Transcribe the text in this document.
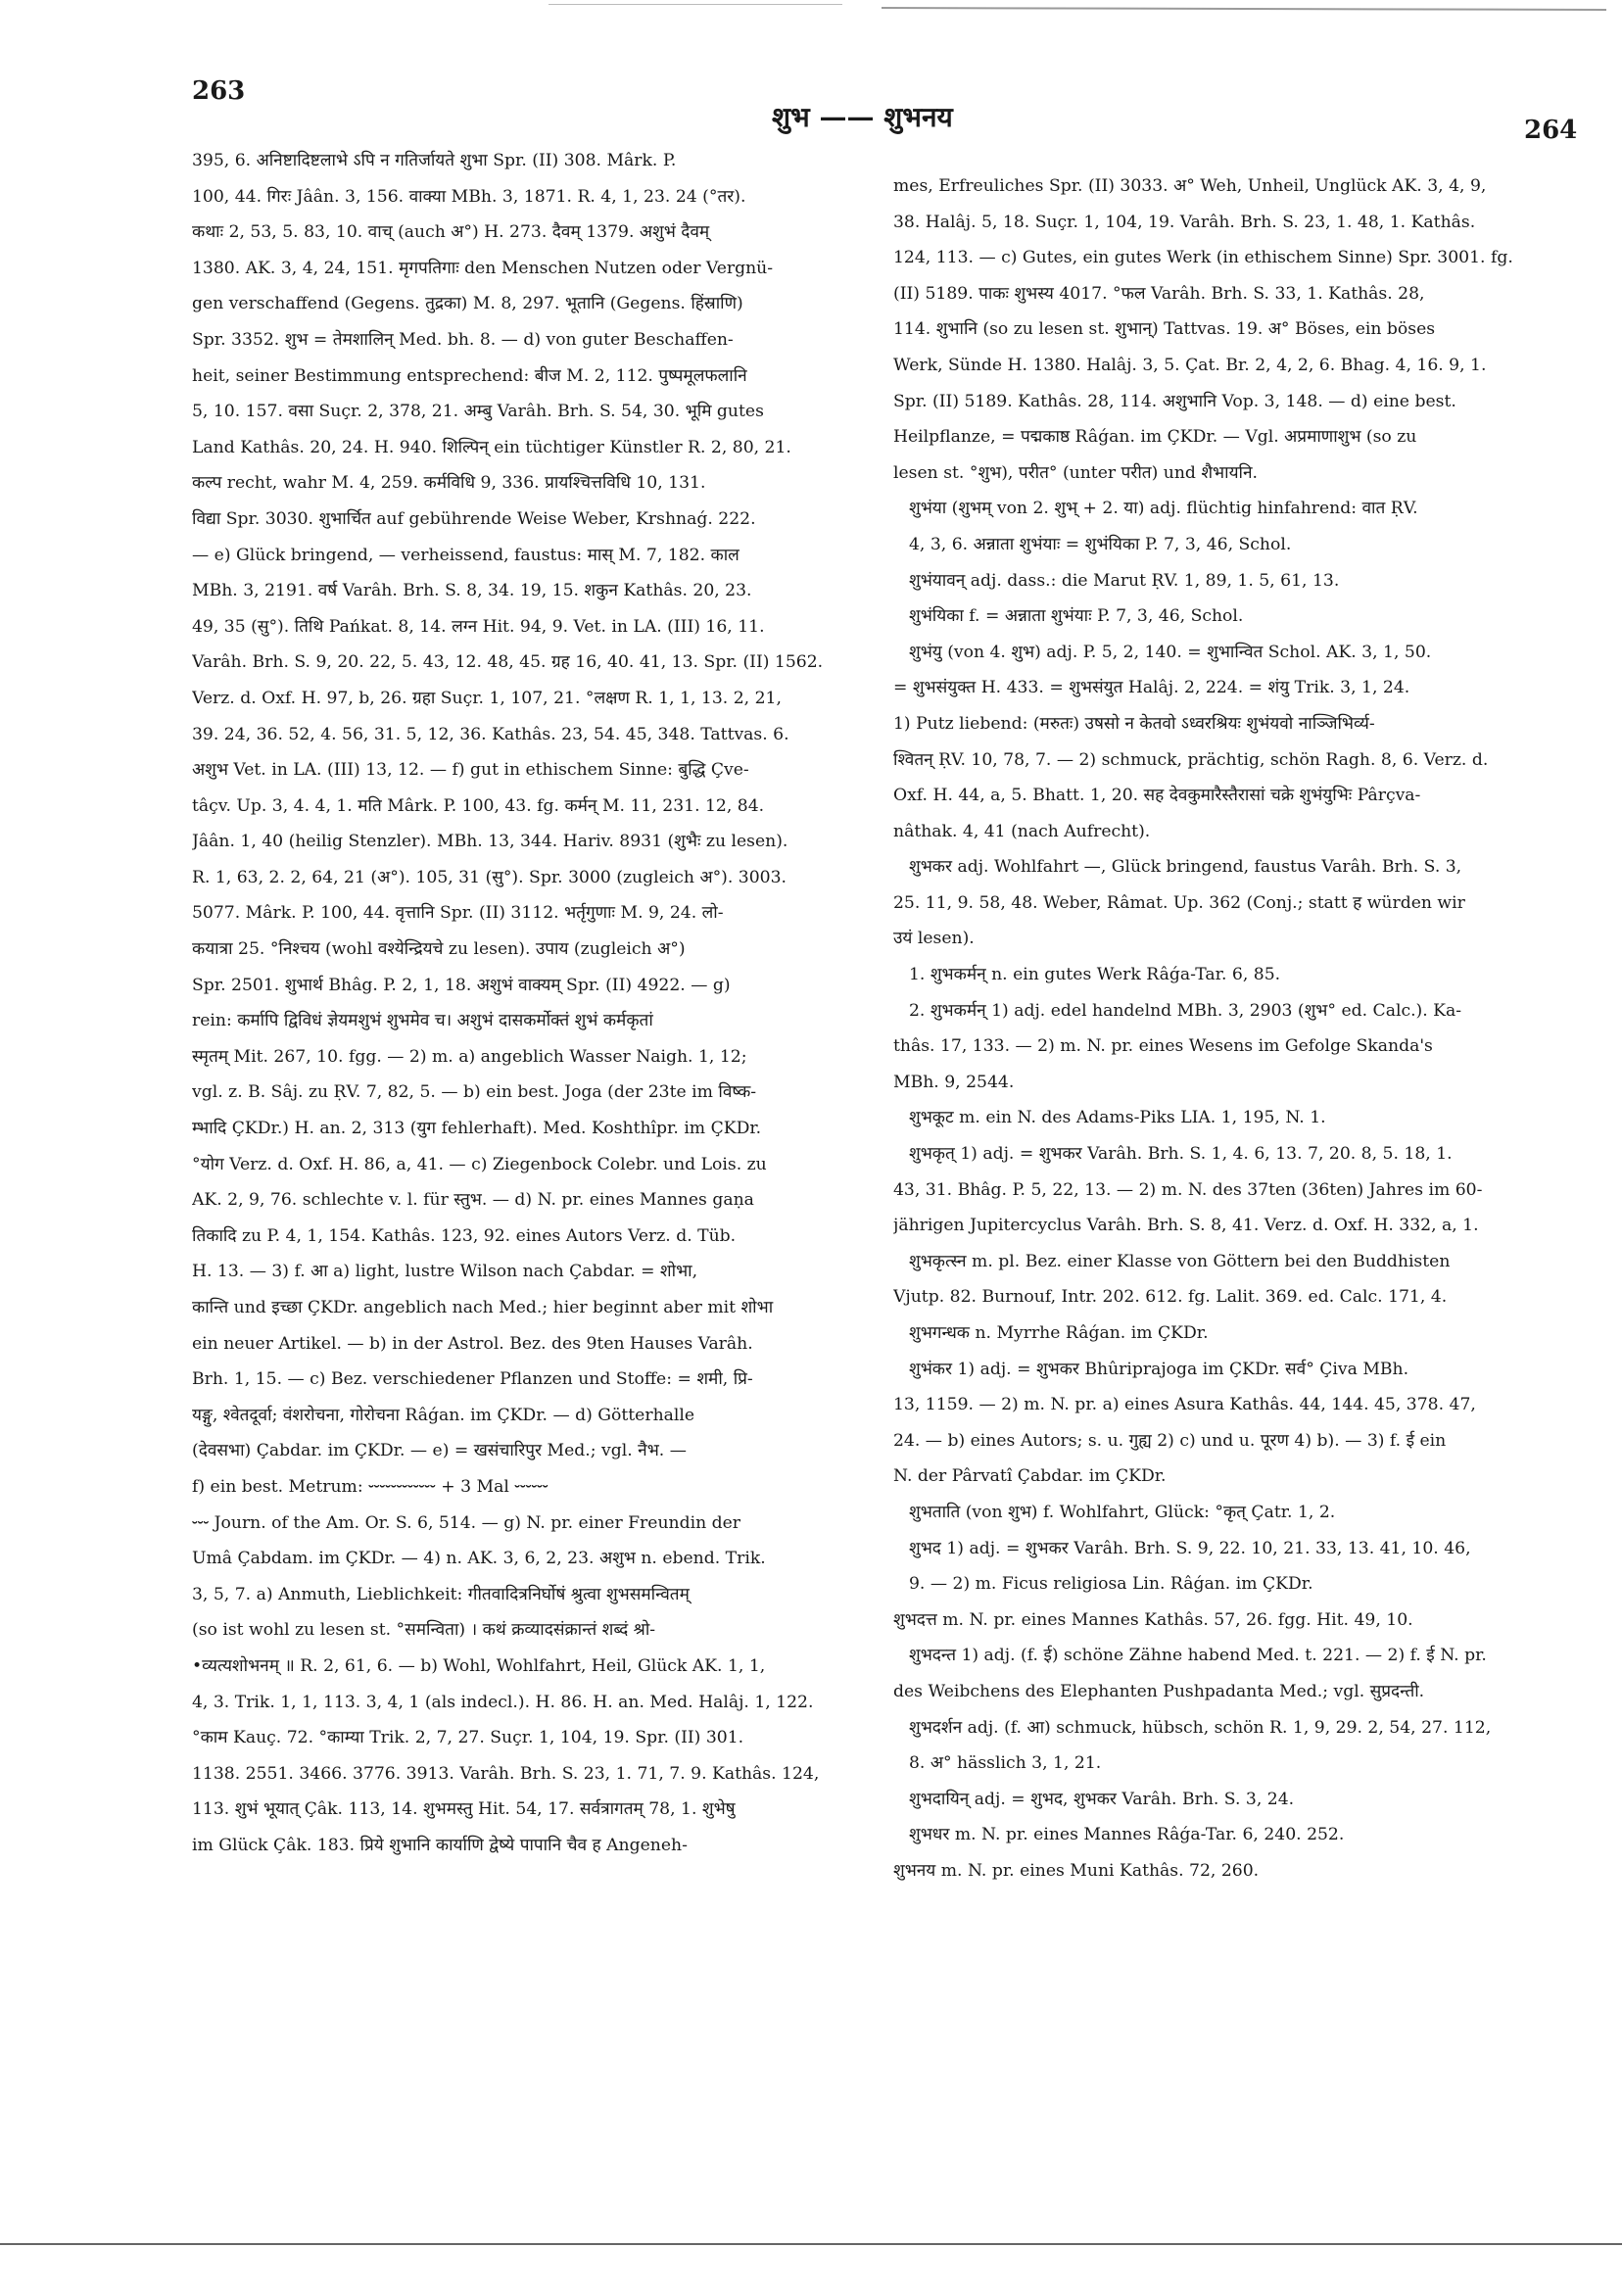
263
शुभ —— शुभनय	264
395, 6. अनिष्टादिष्टलाभे ऽपि न गतिर्जायते शुभा Spr. (II) 308. Mârk. P.
100, 44. गिरः Jâân. 3, 156. वाक्या MBh. 3, 1871. R. 4, 1, 23. 24 (°तर).
कथाः 2, 53, 5. 83, 10. वाच् (auch अ°) H. 273. दैवम् 1379. अशुभं दैवम्
1380. AK. 3, 4, 24, 151. मृगपतिगाः den Menschen Nutzen oder Vergnü-
gen verschaffend (Gegens. तुद्रका) M. 8, 297. भूतानि (Gegens. हिंस्राणि)
Spr. 3352. शुभ = तेमशालिन् Med. bh. 8. — d) von guter Beschaffen-
heit, seiner Bestimmung entsprechend: बीज M. 2, 112. पुष्पमूलफलानि
5, 10. 157. वसा Suçr. 2, 378, 21. अम्बु Varâh. Brh. S. 54, 30. भूमि gutes
Land Kathâs. 20, 24. H. 940. शिल्पिन् ein tüchtiger Künstler R. 2, 80, 21.
कल्प recht, wahr M. 4, 259. कर्मविधि 9, 336. प्रायश्चित्तविधि 10, 131.
विद्या Spr. 3030. शुभार्चित auf gebührende Weise Weber, Krshnaǵ. 222.
— e) Glück bringend, — verheissend, faustus: मास् M. 7, 182. काल
MBh. 3, 2191. वर्ष Varâh. Brh. S. 8, 34. 19, 15. शकुन Kathâs. 20, 23.
49, 35 (सु°). तिथि Pańkat. 8, 14. लग्न Hit. 94, 9. Vet. in LA. (III) 16, 11.
Varâh. Brh. S. 9, 20. 22, 5. 43, 12. 48, 45. ग्रह 16, 40. 41, 13. Spr. (II) 1562.
Verz. d. Oxf. H. 97, b, 26. ग्रहा Suçr. 1, 107, 21. °लक्षण R. 1, 1, 13. 2, 21,
39. 24, 36. 52, 4. 56, 31. 5, 12, 36. Kathâs. 23, 54. 45, 348. Tattvas. 6.
अशुभ Vet. in LA. (III) 13, 12. — f) gut in ethischem Sinne: बुद्धि Çve-
tâçv. Up. 3, 4. 4, 1. मति Mârk. P. 100, 43. fg. कर्मन् M. 11, 231. 12, 84.
Jâân. 1, 40 (heilig Stenzler). MBh. 13, 344. Hariv. 8931 (शुभैः zu lesen).
R. 1, 63, 2. 2, 64, 21 (अ°). 105, 31 (सु°). Spr. 3000 (zugleich अ°). 3003.
5077. Mârk. P. 100, 44. वृत्तानि Spr. (II) 3112. भर्तृगुणाः M. 9, 24. लो-
कयात्रा 25. °निश्चय (wohl वश्येन्द्रियचे zu lesen). उपाय (zugleich अ°)
Spr. 2501. शुभार्थ Bhâg. P. 2, 1, 18. अशुभं वाक्यम् Spr. (II) 4922. — g)
rein: कर्मापि द्विविधं ज्ञेयमशुभं शुभमेव च। अशुभं दासकर्मोक्तं शुभं कर्मकृतां
स्मृतम् Mit. 267, 10. fgg. — 2) m. a) angeblich Wasser Naigh. 1, 12;
vgl. z. B. Sâj. zu ṚV. 7, 82, 5. — b) ein best. Joga (der 23te im विष्क-
म्भादि ÇKDr.) H. an. 2, 313 (युग fehlerhaft). Med. Koshthîpr. im ÇKDr.
°योग Verz. d. Oxf. H. 86, a, 41. — c) Ziegenbock Colebr. und Lois. zu
AK. 2, 9, 76. schlechte v. l. für स्तुभ. — d) N. pr. eines Mannes gaṇa
तिकादि zu P. 4, 1, 154. Kathâs. 123, 92. eines Autors Verz. d. Tüb.
H. 13. — 3) f. आ a) light, lustre Wilson nach Çabdar. = शोभा,
कान्ति und इच्छा ÇKDr. angeblich nach Med.; hier beginnt aber mit शोभा
ein neuer Artikel. — b) in der Astrol. Bez. des 9ten Hauses Varâh.
Brh. 1, 15. — c) Bez. verschiedener Pflanzen und Stoffe: = शमी, प्रि-
यङ्गु, श्वेतदूर्वा; वंशरोचना, गोरोचना Râǵan. im ÇKDr. — d) Götterhalle
(देवसभा) Çabdar. im ÇKDr. — e) = खसंचारिपुर Med.; vgl. नैभ. —
f) ein best. Metrum: ⏑⏑⏑⏑⏑⏑⏑⏑⏑⏑⏑⏑ + 3 Mal ⏑⏑⏑⏑⏑⏑
⏑⏑⏑ Journ. of the Am. Or. S. 6, 514. — g) N. pr. einer Freundin der
Umâ Çabdam. im ÇKDr. — 4) n. AK. 3, 6, 2, 23. अशुभ n. ebend. Trik.
3, 5, 7. a) Anmuth, Lieblichkeit: गीतवादित्रनिर्घोषं श्रुत्वा शुभसमन्वितम्
(so ist wohl zu lesen st. °समन्विता) । कथं क्रव्यादसंक्रान्तं शब्दं श्रो-
•व्यत्यशोभनम् ॥ R. 2, 61, 6. — b) Wohl, Wohlfahrt, Heil, Glück AK. 1, 1,
4, 3. Trik. 1, 1, 113. 3, 4, 1 (als indecl.). H. 86. H. an. Med. Halâj. 1, 122.
°काम Kauç. 72. °काम्या Trik. 2, 7, 27. Suçr. 1, 104, 19. Spr. (II) 301.
1138. 2551. 3466. 3776. 3913. Varâh. Brh. S. 23, 1. 71, 7. 9. Kathâs. 124,
113. शुभं भूयात् Çâk. 113, 14. शुभमस्तु Hit. 54, 17. सर्वत्रागतम् 78, 1. शुभेषु
im Glück Çâk. 183. प्रिये शुभानि कार्याणि द्वेष्ये पापानि चैव ह Angeneh-
mes, Erfreuliches Spr. (II) 3033. अ° Weh, Unheil, Unglück AK. 3, 4, 9,
38. Halâj. 5, 18. Suçr. 1, 104, 19. Varâh. Brh. S. 23, 1. 48, 1. Kathâs.
124, 113. — c) Gutes, ein gutes Werk (in ethischem Sinne) Spr. 3001. fg.
(II) 5189. पाकः शुभस्य 4017. °फल Varâh. Brh. S. 33, 1. Kathâs. 28,
114. शुभानि (so zu lesen st. शुभान्) Tattvas. 19. अ° Böses, ein böses
Werk, Sünde H. 1380. Halâj. 3, 5. Çat. Br. 2, 4, 2, 6. Bhag. 4, 16. 9, 1.
Spr. (II) 5189. Kathâs. 28, 114. अशुभानि Vop. 3, 148. — d) eine best.
Heilpflanze, = पद्मकाष्ठ Râǵan. im ÇKDr. — Vgl. अप्रमाणाशुभ (so zu
lesen st. °शुभ), परीत° (unter परीत) und शैभायनि.
शुभंया (शुभम् von 2. शुभ् + 2. या) adj. flüchtig hinfahrend: वात ṚV.
4, 3, 6. अन्नाता शुभंयाः = शुभंयिका P. 7, 3, 46, Schol.
शुभंयावन् adj. dass.: die Marut ṚV. 1, 89, 1. 5, 61, 13.
शुभंयिका f. = अन्नाता शुभंयाः P. 7, 3, 46, Schol.
शुभंयु (von 4. शुभ) adj. P. 5, 2, 140. = शुभान्वित Schol. AK. 3, 1, 50.
= शुभसंयुक्त H. 433. = शुभसंयुत Halâj. 2, 224. = शंयु Trik. 3, 1, 24.
1) Putz liebend: (मरुतः) उषसो न केतवो ऽध्वरश्रियः शुभंयवो नाञ्जिभिर्व्य-
श्वितन् ṚV. 10, 78, 7. — 2) schmuck, prächtig, schön Ragh. 8, 6. Verz. d.
Oxf. H. 44, a, 5. Bhatt. 1, 20. सह देवकुमारैस्तैरासां चक्रे शुभंयुभिः Pârçva-
nâthak. 4, 41 (nach Aufrecht).
शुभकर adj. Wohlfahrt —, Glück bringend, faustus Varâh. Brh. S. 3,
25. 11, 9. 58, 48. Weber, Râmat. Up. 362 (Conj.; statt ह würden wir
उयं lesen).
1. शुभकर्मन् n. ein gutes Werk Râǵa-Tar. 6, 85.
2. शुभकर्मन् 1) adj. edel handelnd MBh. 3, 2903 (शुभ° ed. Calc.). Ka-
thâs. 17, 133. — 2) m. N. pr. eines Wesens im Gefolge Skanda's
MBh. 9, 2544.
शुभकूट m. ein N. des Adams-Piks LIA. 1, 195, N. 1.
शुभकृत् 1) adj. = शुभकर Varâh. Brh. S. 1, 4. 6, 13. 7, 20. 8, 5. 18, 1.
43, 31. Bhâg. P. 5, 22, 13. — 2) m. N. des 37ten (36ten) Jahres im 60-
jährigen Jupitercyclus Varâh. Brh. S. 8, 41. Verz. d. Oxf. H. 332, a, 1.
शुभकृत्स्न m. pl. Bez. einer Klasse von Göttern bei den Buddhisten
Vjutp. 82. Burnouf, Intr. 202. 612. fg. Lalit. 369. ed. Calc. 171, 4.
शुभगन्धक n. Myrrhe Râǵan. im ÇKDr.
शुभंकर 1) adj. = शुभकर Bhûriprajoga im ÇKDr. सर्व° Çiva MBh.
13, 1159. — 2) m. N. pr. a) eines Asura Kathâs. 44, 144. 45, 378. 47,
24. — b) eines Autors; s. u. गुह्य 2) c) und u. पूरण 4) b). — 3) f. ई ein
N. der Pârvatî Çabdar. im ÇKDr.
शुभताति (von शुभ) f. Wohlfahrt, Glück: °कृत् Çatr. 1, 2.
शुभद 1) adj. = शुभकर Varâh. Brh. S. 9, 22. 10, 21. 33, 13. 41, 10. 46,
9. — 2) m. Ficus religiosa Lin. Râǵan. im ÇKDr.
शुभदत्त m. N. pr. eines Mannes Kathâs. 57, 26. fgg. Hit. 49, 10.
शुभदन्त 1) adj. (f. ई) schöne Zähne habend Med. t. 221. — 2) f. ई N. pr.
des Weibchens des Elephanten Pushpadanta Med.; vgl. सुप्रदन्ती.
शुभदर्शन adj. (f. आ) schmuck, hübsch, schön R. 1, 9, 29. 2, 54, 27. 112,
8. अ° hässlich 3, 1, 21.
शुभदायिन् adj. = शुभद, शुभकर Varâh. Brh. S. 3, 24.
शुभधर m. N. pr. eines Mannes Râǵa-Tar. 6, 240. 252.
शुभनय m. N. pr. eines Muni Kathâs. 72, 260.
